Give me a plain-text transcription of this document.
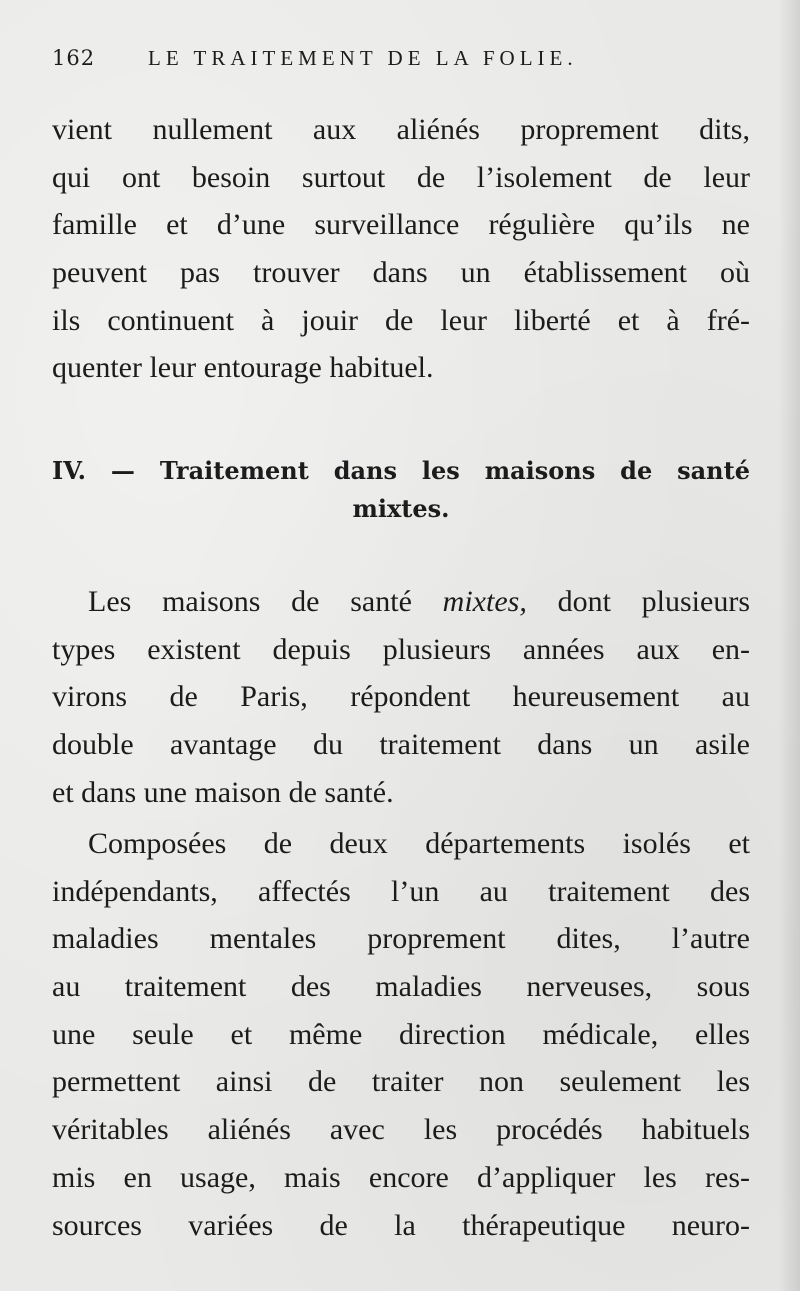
162	LE TRAITEMENT DE LA FOLIE.
vient nullement aux aliénés proprement dits,
qui ont besoin surtout de l’isolement de leur
famille et d’une surveillance régulière qu’ils ne
peuvent pas trouver dans un établissement où
ils continuent à jouir de leur liberté et à fré-
quenter leur entourage habituel.
IV. — Traitement dans les maisons de santé
mixtes.
Les maisons de santé mixtes, dont plusieurs
types existent depuis plusieurs années aux en-
virons de Paris, répondent heureusement au
double avantage du traitement dans un asile
et dans une maison de santé.
Composées de deux départements isolés et
indépendants, affectés l’un au traitement des
maladies mentales proprement dites, l’autre
au traitement des maladies nerveuses, sous
une seule et même direction médicale, elles
permettent ainsi de traiter non seulement les
véritables aliénés avec les procédés habituels
mis en usage, mais encore d’appliquer les res-
sources variées de la thérapeutique neuro-
